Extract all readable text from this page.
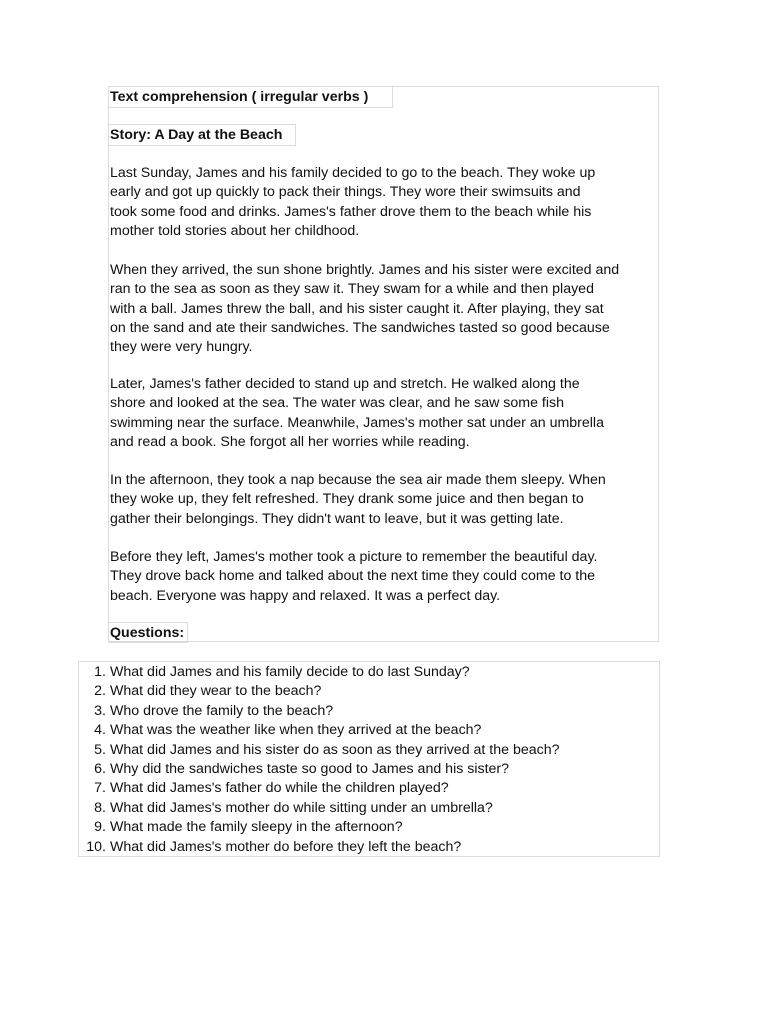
Text comprehension ( irregular verbs )
Story: A Day at the Beach
Last Sunday, James and his family decided to go to the beach. They woke up
early and got up quickly to pack their things. They wore their swimsuits and
took some food and drinks. James's father drove them to the beach while his
mother told stories about her childhood.
When they arrived, the sun shone brightly. James and his sister were excited and
ran to the sea as soon as they saw it. They swam for a while and then played
with a ball. James threw the ball, and his sister caught it. After playing, they sat
on the sand and ate their sandwiches. The sandwiches tasted so good because
they were very hungry.
Later, James's father decided to stand up and stretch. He walked along the
shore and looked at the sea. The water was clear, and he saw some fish
swimming near the surface. Meanwhile, James's mother sat under an umbrella
and read a book. She forgot all her worries while reading.
In the afternoon, they took a nap because the sea air made them sleepy. When
they woke up, they felt refreshed. They drank some juice and then began to
gather their belongings. They didn't want to leave, but it was getting late.
Before they left, James's mother took a picture to remember the beautiful day.
They drove back home and talked about the next time they could come to the
beach. Everyone was happy and relaxed. It was a perfect day.
Questions:
1. What did James and his family decide to do last Sunday?
2. What did they wear to the beach?
3. Who drove the family to the beach?
4. What was the weather like when they arrived at the beach?
5. What did James and his sister do as soon as they arrived at the beach?
6. Why did the sandwiches taste so good to James and his sister?
7. What did James's father do while the children played?
8. What did James's mother do while sitting under an umbrella?
9. What made the family sleepy in the afternoon?
10. What did James's mother do before they left the beach?
